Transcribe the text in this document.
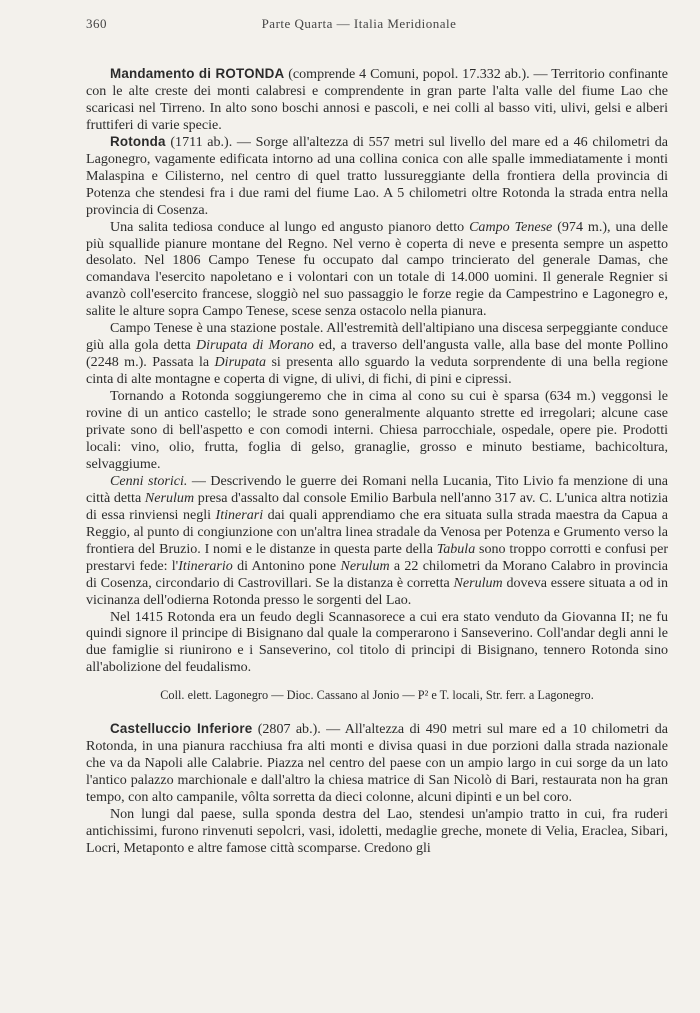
360	Parte Quarta — Italia Meridionale

Mandamento di ROTONDA (comprende 4 Comuni, popol. 17.332 ab.). — Territorio confinante con le alte creste dei monti calabresi e comprendente in gran parte l'alta valle del fiume Lao che scaricasi nel Tirreno. In alto sono boschi annosi e pascoli, e nei colli al basso viti, ulivi, gelsi e alberi fruttiferi di varie specie.

Rotonda (1711 ab.). — Sorge all'altezza di 557 metri sul livello del mare ed a 46 chilometri da Lagonegro, vagamente edificata intorno ad una collina conica con alle spalle immediatamente i monti Malaspina e Cilisterno, nel centro di quel tratto lussureggiante della frontiera della provincia di Potenza che stendesi fra i due rami del fiume Lao. A 5 chilometri oltre Rotonda la strada entra nella provincia di Cosenza.

Una salita tediosa conduce al lungo ed angusto pianoro detto Campo Tenese (974 m.), una delle più squallide pianure montane del Regno. Nel verno è coperta di neve e presenta sempre un aspetto desolato. Nel 1806 Campo Tenese fu occupato dal campo trincierato del generale Damas, che comandava l'esercito napoletano e i volontari con un totale di 14.000 uomini. Il generale Regnier si avanzò coll'esercito francese, sloggiò nel suo passaggio le forze regie da Campestrino e Lagonegro e, salite le alture sopra Campo Tenese, scese senza ostacolo nella pianura.

Campo Tenese è una stazione postale. All'estremità dell'altipiano una discesa serpeggiante conduce giù alla gola detta Dirupata di Morano ed, a traverso dell'angusta valle, alla base del monte Pollino (2248 m.). Passata la Dirupata si presenta allo sguardo la veduta sorprendente di una bella regione cinta di alte montagne e coperta di vigne, di ulivi, di fichi, di pini e cipressi.

Tornando a Rotonda soggiungeremo che in cima al cono su cui è sparsa (634 m.) veggonsi le rovine di un antico castello; le strade sono generalmente alquanto strette ed irregolari; alcune case private sono di bell'aspetto e con comodi interni. Chiesa parrocchiale, ospedale, opere pie. Prodotti locali: vino, olio, frutta, foglia di gelso, granaglie, grosso e minuto bestiame, bachicoltura, selvaggiume.

Cenni storici. — Descrivendo le guerre dei Romani nella Lucania, Tito Livio fa menzione di una città detta Nerulum presa d'assalto dal console Emilio Barbula nell'anno 317 av. C. L'unica altra notizia di essa rinviensi negli Itinerari dai quali apprendiamo che era situata sulla strada maestra da Capua a Reggio, al punto di congiunzione con un'altra linea stradale da Venosa per Potenza e Grumento verso la frontiera del Bruzio. I nomi e le distanze in questa parte della Tabula sono troppo corrotti e confusi per prestarvi fede: l'Itinerario di Antonino pone Nerulum a 22 chilometri da Morano Calabro in provincia di Cosenza, circondario di Castrovillari. Se la distanza è corretta Nerulum doveva essere situata a od in vicinanza dell'odierna Rotonda presso le sorgenti del Lao.

Nel 1415 Rotonda era un feudo degli Scannasorece a cui era stato venduto da Giovanna II; ne fu quindi signore il principe di Bisignano dal quale la comperarono i Sanseverino. Coll'andar degli anni le due famiglie si riunirono e i Sanseverino, col titolo di principi di Bisignano, tennero Rotonda sino all'abolizione del feudalismo.

Coll. elett. Lagonegro — Dioc. Cassano al Jonio — P² e T. locali, Str. ferr. a Lagonegro.

Castelluccio Inferiore (2807 ab.). — All'altezza di 490 metri sul mare ed a 10 chilometri da Rotonda, in una pianura racchiusa fra alti monti e divisa quasi in due porzioni dalla strada nazionale che va da Napoli alle Calabrie. Piazza nel centro del paese con un ampio largo in cui sorge da un lato l'antico palazzo marchionale e dall'altro la chiesa matrice di San Nicolò di Bari, restaurata non ha gran tempo, con alto campanile, vôlta sorretta da dieci colonne, alcuni dipinti e un bel coro.

Non lungi dal paese, sulla sponda destra del Lao, stendesi un'ampio tratto in cui, fra ruderi antichissimi, furono rinvenuti sepolcri, vasi, idoletti, medaglie greche, monete di Velia, Eraclea, Sibari, Locri, Metaponto e altre famose città scomparse. Credono gli
